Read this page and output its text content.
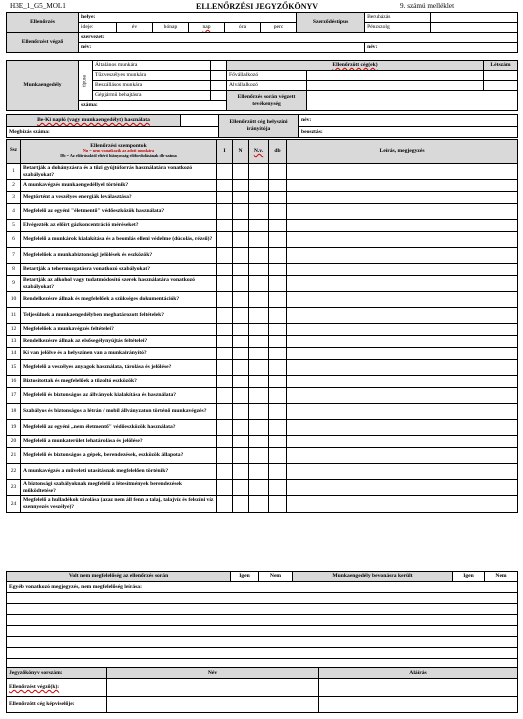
H3E_1_G5_MOL1	ELLENŐRZÉSI JEGYZŐKÖNYV	9. számú melléklet
Ellenőrzés	helye:						Szerződéstípus	Beruházás	
	ideje:	év	hónap	nap	óra	perc		Pénzszolg	
Ellenőrzést végző	szervezet:								
	név:							név:	
Munkaengedély	típusa	Általános munkára		Ellenőrzött cég(ek)		Létszám
		Tűzveszélyes munkára		Fővállalkozó		
		Beszállásos munkára		Alvállalkozó		
		Gépjármű behajtásra		Ellenőrzés során végzett tevékenység		
	száma:					
Be-Ki napló (vagy munkaengedélyt) használata		Ellenőrzött cég helyszíni irányítója	név:
Megbízás száma:			beosztás:
Ssz	Ellenőrzési szempontok
Nn = nem vonatkozik az adott munkára
Db = Az előírásoktól eltérő hiányosság előfordulásának db-száma	I	N	N.v.	db	Leírás, megjegyzés
1	Betartják a dohányzásra és a tűzi gyújtóforrás használatára vonatkozó szabályokat?					
2	A munkavégzés munkaengedéllyel történik?					
3	Megtörtént a veszélyes energiák leválasztása?					
4	Megfelelő az egyéni "életmentő" védőeszközök használata?					
5	Elvégezték az előírt gázkoncentráció méréseket?					
6	Megfelelő a munkárok kialakítása és a beomlás elleni védelme (dúcolás, rézsű)?					
7	Megfelelőek a munkabiztonsági jelölések és eszközök?					
8	Betartják a tehermozgatásra vonatkozó szabályokat?					
9	Betartják az alkohol vagy tudatmódosító szerek használatára vonatkozó szabályokat?					
10	Rendelkezésre állnak és megfelelőek a szükséges dokumentációk?					
11	Teljesülnek a munkaengedélyben meghatározott feltételek?					
12	Megfelelőek a munkavégzés feltételei?					
13	Rendelkezésre állnak az elsősegélynyújtás feltételei?					
14	Ki van jelölve és a helyszínen van a munkairányító?					
15	Megfelelő a veszélyes anyagok használata, tárolása és jelölése?					
16	Biztosítottak és megfelelőek a tűzoltó eszközök?					
17	Megfelelő és biztonságos az állványok kialakítása és használata?					
18	Szabályos és biztonságos a létrán / mobil állványzaton történő munkavégzés?					
19	Megfelelő az egyéni „nem életmentő" védőeszközök használata?					
20	Megfelelő a munkaterület lehatárolása és jelölése?					
21	Megfelelő és biztonságos a gépek, berendezések, eszközök állapota?					
22	A munkavégzés a műveleti utasításnak megfelelően történik?					
23	A biztonsági szabályoknak megfelelő a létesítmények berendezések működtetése?					
24	Megfelelő a hulladékok tárolása (azaz nem áll fenn a talaj, talajvíz és felszíni víz szennyezés veszélye)?					
Volt nem megfelelőség az ellenőrzés során	Igen	Nem	Munkaengedély bevonásra került	Igen	Nem
Egyéb vonatkozó megjegyzés, nem megfelelőség leírása:

Jegyzőkönyv sorszám:	Név	Aláírás
Ellenőrzést végző(k):		
Ellenőrzött cég képviselője:		
